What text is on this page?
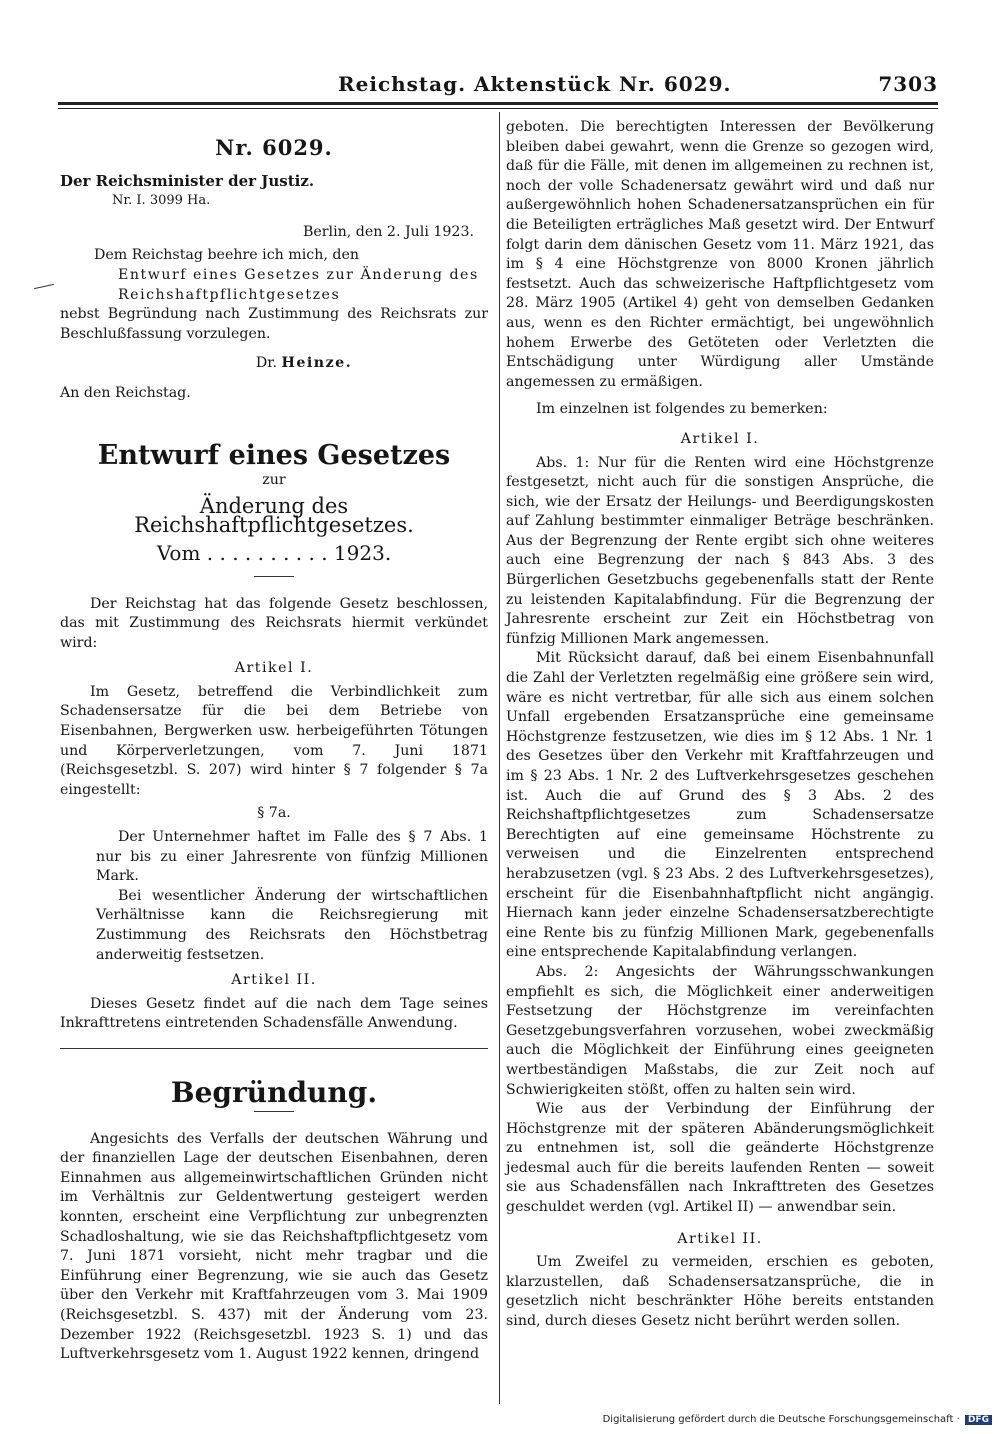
Reichstag. Aktenstück Nr. 6029.	7303
Nr. 6029.

Der Reichsminister der Justiz.

Nr. I. 3099 Ha.

Berlin, den 2. Juli 1923.

Dem Reichstag beehre ich mich, den

Entwurf eines Gesetzes zur Änderung des

Reichshaftpflichtgesetzes

nebst Begründung nach Zustimmung des Reichsrats zur Beschlußfassung vorzulegen.

Dr. Heinze.

An den Reichstag.

Entwurf eines Gesetzes

zur

Änderung des Reichshaftpflichtgesetzes.

Vom . . . . . . . . . . 1923.

Der Reichstag hat das folgende Gesetz beschlossen, das mit Zustimmung des Reichsrats hiermit verkündet wird:

Artikel I.

Im Gesetz, betreffend die Verbindlichkeit zum Schadensersatze für die bei dem Betriebe von Eisenbahnen, Bergwerken usw. herbeigeführten Tötungen und Körperverletzungen, vom 7. Juni 1871 (Reichsgesetzbl. S. 207) wird hinter § 7 folgender § 7a eingestellt:

§ 7a.

Der Unternehmer haftet im Falle des § 7 Abs. 1 nur bis zu einer Jahresrente von fünfzig Millionen Mark.

Bei wesentlicher Änderung der wirtschaftlichen Verhältnisse kann die Reichsregierung mit Zustimmung des Reichsrats den Höchstbetrag anderweitig festsetzen.

Artikel II.

Dieses Gesetz findet auf die nach dem Tage seines Inkrafttretens eintretenden Schadensfälle Anwendung.

Begründung.

Angesichts des Verfalls der deutschen Währung und der finanziellen Lage der deutschen Eisenbahnen, deren Einnahmen aus allgemeinwirtschaftlichen Gründen nicht im Verhältnis zur Geldentwertung gesteigert werden konnten, erscheint eine Verpflichtung zur unbegrenzten Schadloshaltung, wie sie das Reichshaftpflichtgesetz vom 7. Juni 1871 vorsieht, nicht mehr tragbar und die Einführung einer Begrenzung, wie sie auch das Gesetz über den Verkehr mit Kraftfahrzeugen vom 3. Mai 1909 (Reichsgesetzbl. S. 437) mit der Änderung vom 23. Dezember 1922 (Reichsgesetzbl. 1923 S. 1) und das Luftverkehrsgesetz vom 1. August 1922 kennen, dringend

geboten. Die berechtigten Interessen der Bevölkerung bleiben dabei gewahrt, wenn die Grenze so gezogen wird, daß für die Fälle, mit denen im allgemeinen zu rechnen ist, noch der volle Schadenersatz gewährt wird und daß nur außergewöhnlich hohen Schadenersatzansprüchen ein für die Beteiligten erträgliches Maß gesetzt wird. Der Entwurf folgt darin dem dänischen Gesetz vom 11. März 1921, das im § 4 eine Höchstgrenze von 8000 Kronen jährlich festsetzt. Auch das schweizerische Haftpflichtgesetz vom 28. März 1905 (Artikel 4) geht von demselben Gedanken aus, wenn es den Richter ermächtigt, bei ungewöhnlich hohem Erwerbe des Getöteten oder Verletzten die Entschädigung unter Würdigung aller Umstände angemessen zu ermäßigen.

Im einzelnen ist folgendes zu bemerken:

Artikel I.

Abs. 1: Nur für die Renten wird eine Höchstgrenze festgesetzt, nicht auch für die sonstigen Ansprüche, die sich, wie der Ersatz der Heilungs- und Beerdigungskosten auf Zahlung bestimmter einmaliger Beträge beschränken. Aus der Begrenzung der Rente ergibt sich ohne weiteres auch eine Begrenzung der nach § 843 Abs. 3 des Bürgerlichen Gesetzbuchs gegebenenfalls statt der Rente zu leistenden Kapitalabfindung. Für die Begrenzung der Jahresrente erscheint zur Zeit ein Höchstbetrag von fünfzig Millionen Mark angemessen.

Mit Rücksicht darauf, daß bei einem Eisenbahnunfall die Zahl der Verletzten regelmäßig eine größere sein wird, wäre es nicht vertretbar, für alle sich aus einem solchen Unfall ergebenden Ersatzansprüche eine gemeinsame Höchstgrenze festzusetzen, wie dies im § 12 Abs. 1 Nr. 1 des Gesetzes über den Verkehr mit Kraftfahrzeugen und im § 23 Abs. 1 Nr. 2 des Luftverkehrsgesetzes geschehen ist. Auch die auf Grund des § 3 Abs. 2 des Reichshaftpflichtgesetzes zum Schadensersatze Berechtigten auf eine gemeinsame Höchstrente zu verweisen und die Einzelrenten entsprechend herabzusetzen (vgl. § 23 Abs. 2 des Luftverkehrsgesetzes), erscheint für die Eisenbahnhaftpflicht nicht angängig. Hiernach kann jeder einzelne Schadensersatzberechtigte eine Rente bis zu fünfzig Millionen Mark, gegebenenfalls eine entsprechende Kapitalabfindung verlangen.

Abs. 2: Angesichts der Währungsschwankungen empfiehlt es sich, die Möglichkeit einer anderweitigen Festsetzung der Höchstgrenze im vereinfachten Gesetzgebungsverfahren vorzusehen, wobei zweckmäßig auch die Möglichkeit der Einführung eines geeigneten wertbeständigen Maßstabs, die zur Zeit noch auf Schwierigkeiten stößt, offen zu halten sein wird.

Wie aus der Verbindung der Einführung der Höchstgrenze mit der späteren Abänderungsmöglichkeit zu entnehmen ist, soll die geänderte Höchstgrenze jedesmal auch für die bereits laufenden Renten — soweit sie aus Schadensfällen nach Inkrafttreten des Gesetzes geschuldet werden (vgl. Artikel II) — anwendbar sein.

Artikel II.

Um Zweifel zu vermeiden, erschien es geboten, klarzustellen, daß Schadensersatzansprüche, die in gesetzlich nicht beschränkter Höhe bereits entstanden sind, durch dieses Gesetz nicht berührt werden sollen.

Digitalisierung gefördert durch die Deutsche Forschungsgemeinschaft · DFG
